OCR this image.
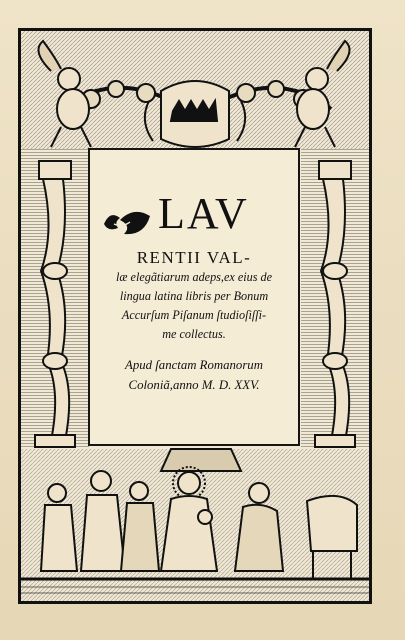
LAV
RENTII VAL-
læ elegãtiarum adeps,ex eius de
lingua latina libris per Bonum
Accurſum Piſanum ſtudioſiſſi-
me collectus.
Apud ſanctam Romanorum
Coloniã,anno M. D. XXV.
